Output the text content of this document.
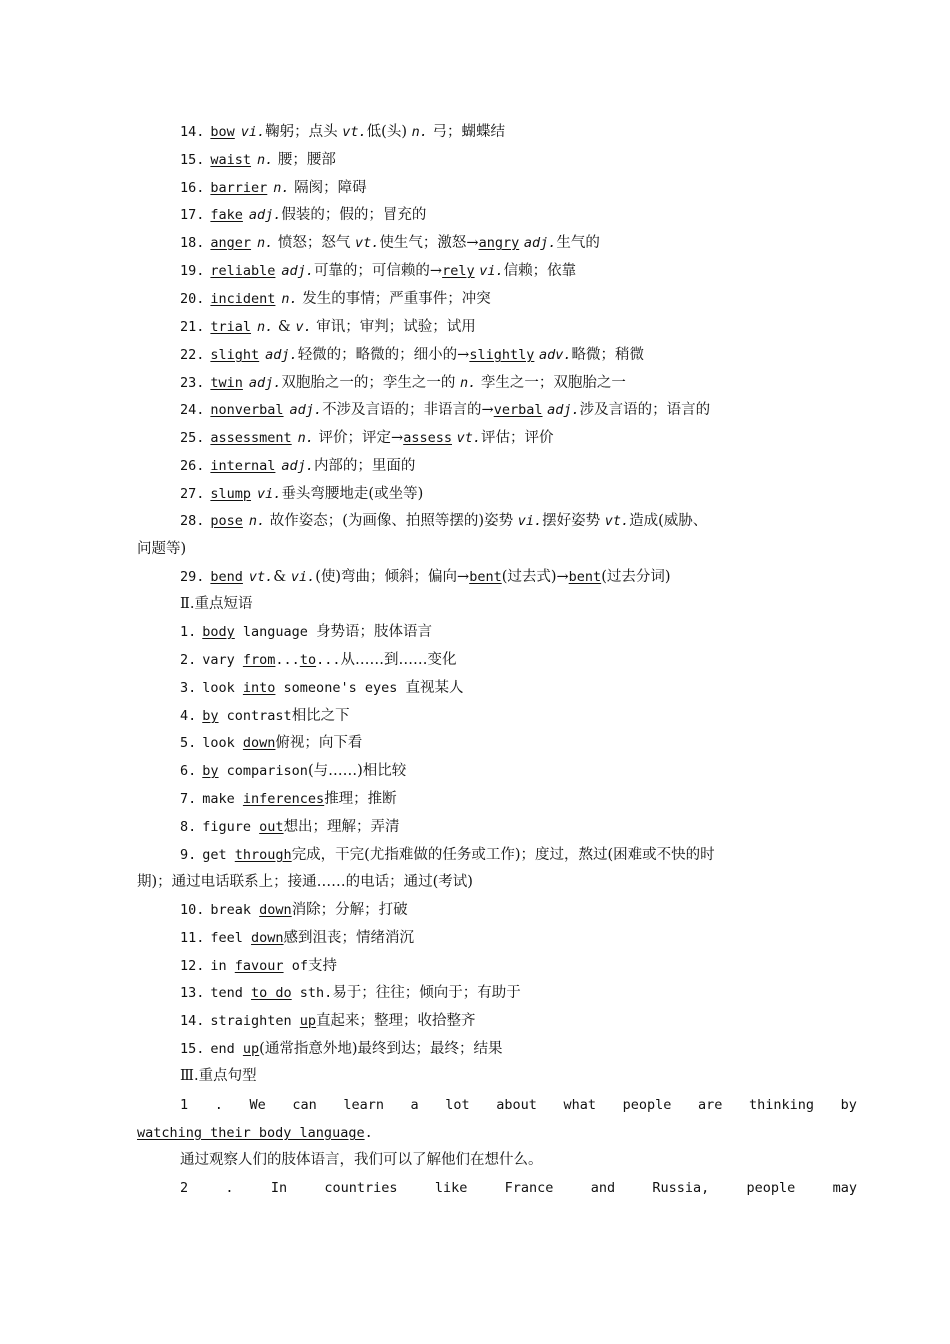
14. bow vi.鞠躬；点头 vt.低(头) n. 弓；蝴蝶结
15. waist n. 腰；腰部
16. barrier n. 隔阂；障碍
17. fake adj.假装的；假的；冒充的
18. anger n. 愤怒；怒气 vt.使生气；激怒→angry adj.生气的
19. reliable adj.可靠的；可信赖的→rely vi.信赖；依靠
20. incident n. 发生的事情；严重事件；冲突
21. trial n. & v. 审讯；审判；试验；试用
22. slight adj.轻微的；略微的；细小的→slightly adv.略微；稍微
23. twin adj.双胞胎之一的；孪生之一的 n. 孪生之一；双胞胎之一
24. nonverbal adj.不涉及言语的；非语言的→verbal adj.涉及言语的；语言的
25. assessment n. 评价；评定→assess vt.评估；评价
26. internal adj.内部的；里面的
27. slump vi.垂头弯腰地走(或坐等)
28. pose n. 故作姿态；(为画像、拍照等摆的)姿势 vi.摆好姿势 vt.造成(威胁、
29. bend vt.& vi.(使)弯曲；倾斜；偏向→bent(过去式)→bent(过去分词)
问题等)
Ⅱ.重点短语
1. body language 身势语；肢体语言
2. vary from...to...从……到……变化
3. look into someone's eyes 直视某人
4. by contrast相比之下
5. look down俯视；向下看
6. by comparison(与……)相比较
7. make inferences推理；推断
8. figure out想出；理解；弄清
9. get through完成，干完(尤指难做的任务或工作)；度过，熬过(困难或不快的时
10. break down消除；分解；打破
11. feel down感到沮丧；情绪消沉
12. in favour of支持
13. tend to do sth.易于；往往；倾向于；有助于
14. straighten up直起来；整理；收拾整齐
15. end up(通常指意外地)最终到达；最终；结果
期)；通过电话联系上；接通……的电话；通过(考试)
Ⅲ.重点句型
1 . We can learn a lot about what people are thinking by
watching their body language.
通过观察人们的肢体语言，我们可以了解他们在想什么。
2	.	In	countries	like	France	and	Russia,	people	may
